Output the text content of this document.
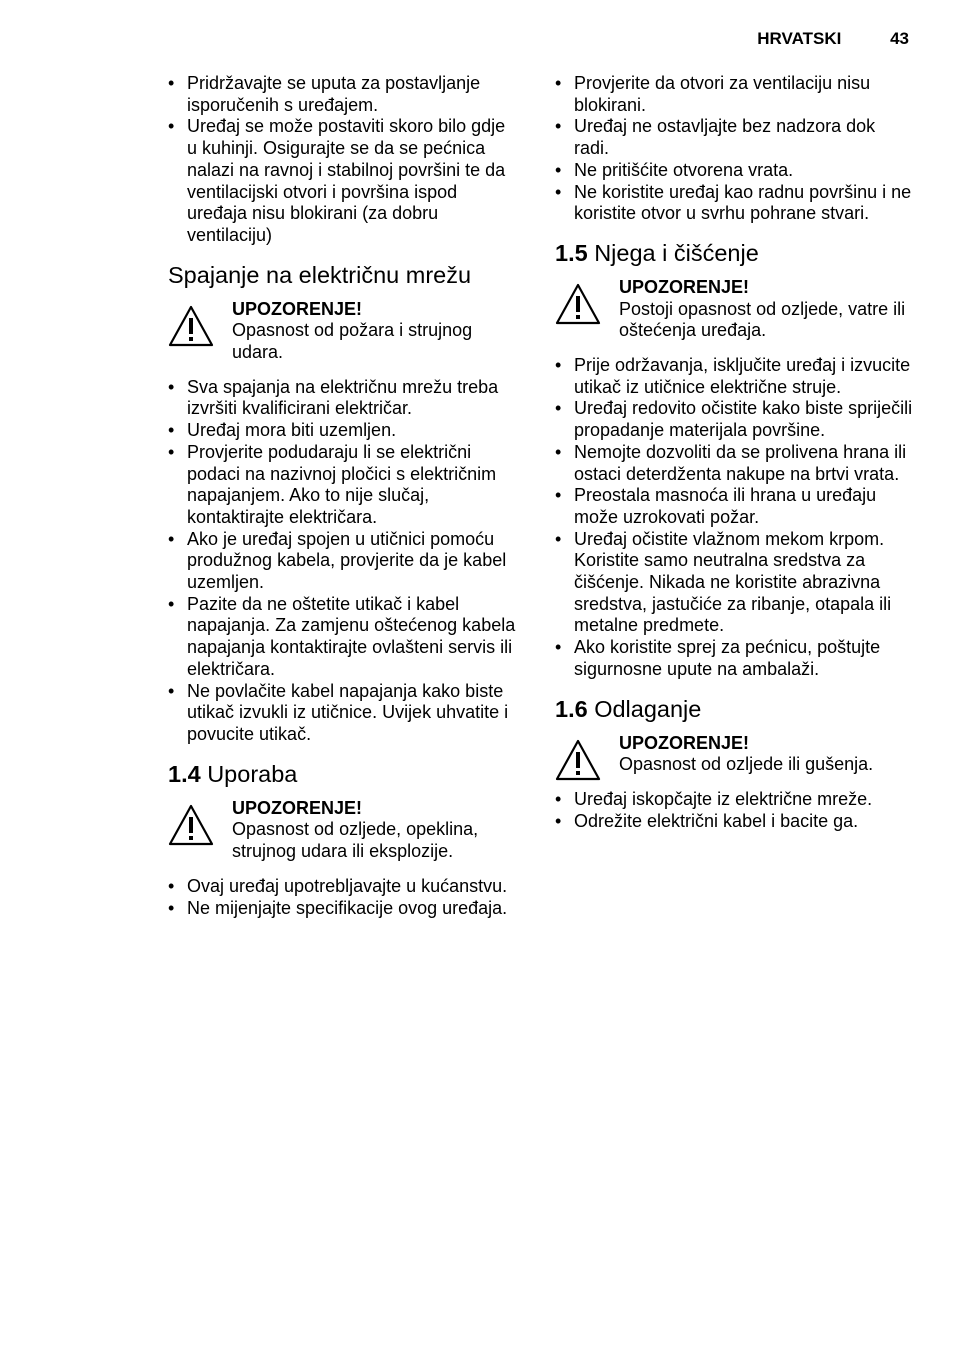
HRVATSKI	43
• Pridržavajte se uputa za postavljanje isporučenih s uređajem.
• Uređaj se može postaviti skoro bilo gdje u kuhinji. Osigurajte se da se pećnica nalazi na ravnoj i stabilnoj površini te da ventilacijski otvori i površina ispod uređaja nisu blokirani (za dobru ventilaciju)
Spajanje na električnu mrežu
UPOZORENJE!
Opasnost od požara i strujnog udara.
• Sva spajanja na električnu mrežu treba izvršiti kvalificirani električar.
• Uređaj mora biti uzemljen.
• Provjerite podudaraju li se električni podaci na nazivnoj pločici s električnim napajanjem. Ako to nije slučaj, kontaktirajte električara.
• Ako je uređaj spojen u utičnici pomoću produžnog kabela, provjerite da je kabel uzemljen.
• Pazite da ne oštetite utikač i kabel napajanja. Za zamjenu oštećenog kabela napajanja kontaktirajte ovlašteni servis ili električara.
• Ne povlačite kabel napajanja kako biste utikač izvukli iz utičnice. Uvijek uhvatite i povucite utikač.
1.4 Uporaba
UPOZORENJE!
Opasnost od ozljede, opeklina, strujnog udara ili eksplozije.
• Ovaj uređaj upotrebljavajte u kućanstvu.
• Ne mijenjajte specifikacije ovog uređaja.
• Provjerite da otvori za ventilaciju nisu blokirani.
• Uređaj ne ostavljajte bez nadzora dok radi.
• Ne pritišćite otvorena vrata.
• Ne koristite uređaj kao radnu površinu i ne koristite otvor u svrhu pohrane stvari.
1.5 Njega i čišćenje
UPOZORENJE!
Postoji opasnost od ozljede, vatre ili oštećenja uređaja.
• Prije održavanja, isključite uređaj i izvucite utikač iz utičnice električne struje.
• Uređaj redovito očistite kako biste spriječili propadanje materijala površine.
• Nemojte dozvoliti da se prolivena hrana ili ostaci deterdženta nakupe na brtvi vrata.
• Preostala masnoća ili hrana u uređaju može uzrokovati požar.
• Uređaj očistite vlažnom mekom krpom. Koristite samo neutralna sredstva za čišćenje. Nikada ne koristite abrazivna sredstva, jastučiće za ribanje, otapala ili metalne predmete.
• Ako koristite sprej za pećnicu, poštujte sigurnosne upute na ambalaži.
1.6 Odlaganje
UPOZORENJE!
Opasnost od ozljede ili gušenja.
• Uređaj iskopčajte iz električne mreže.
• Odrežite električni kabel i bacite ga.
